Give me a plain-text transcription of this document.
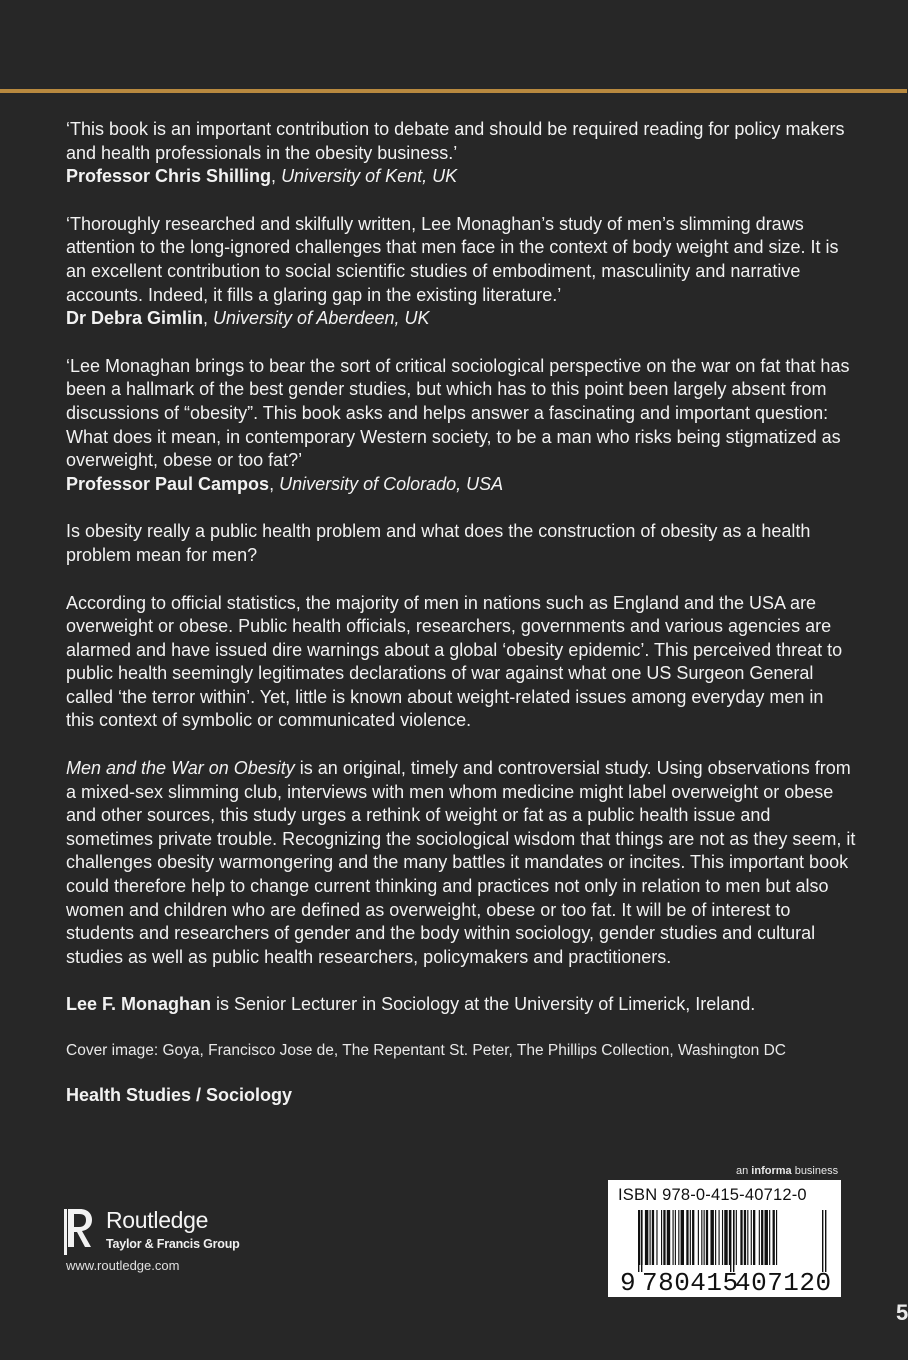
‘This book is an important contribution to debate and should be required reading for policy makers and health professionals in the obesity business.’
Professor Chris Shilling, University of Kent, UK

‘Thoroughly researched and skilfully written, Lee Monaghan’s study of men’s slimming draws attention to the long-ignored challenges that men face in the context of body weight and size. It is an excellent contribution to social scientific studies of embodiment, masculinity and narrative accounts. Indeed, it fills a glaring gap in the existing literature.’
Dr Debra Gimlin, University of Aberdeen, UK

‘Lee Monaghan brings to bear the sort of critical sociological perspective on the war on fat that has been a hallmark of the best gender studies, but which has to this point been largely absent from discussions of “obesity”. This book asks and helps answer a fascinating and important question: What does it mean, in contemporary Western society, to be a man who risks being stigmatized as overweight, obese or too fat?’
Professor Paul Campos, University of Colorado, USA

Is obesity really a public health problem and what does the construction of obesity as a health problem mean for men?

According to official statistics, the majority of men in nations such as England and the USA are overweight or obese. Public health officials, researchers, governments and various agencies are alarmed and have issued dire warnings about a global ‘obesity epidemic’. This perceived threat to public health seemingly legitimates declarations of war against what one US Surgeon General called ‘the terror within’. Yet, little is known about weight-related issues among everyday men in this context of symbolic or communicated violence.

Men and the War on Obesity is an original, timely and controversial study. Using observations from a mixed-sex slimming club, interviews with men whom medicine might label overweight or obese and other sources, this study urges a rethink of weight or fat as a public health issue and sometimes private trouble. Recognizing the sociological wisdom that things are not as they seem, it challenges obesity warmongering and the many battles it mandates or incites. This important book could therefore help to change current thinking and practices not only in relation to men but also women and children who are defined as overweight, obese or too fat. It will be of interest to students and researchers of gender and the body within sociology, gender studies and cultural studies as well as public health researchers, policymakers and practitioners.

Lee F. Monaghan is Senior Lecturer in Sociology at the University of Limerick, Ireland.

Cover image: Goya, Francisco Jose de, The Repentant St. Peter, The Phillips Collection, Washington DC

Health Studies / Sociology

Routledge
Taylor & Francis Group
www.routledge.com
an informa business
ISBN 978-0-415-40712-0
9 780415
407120
5
